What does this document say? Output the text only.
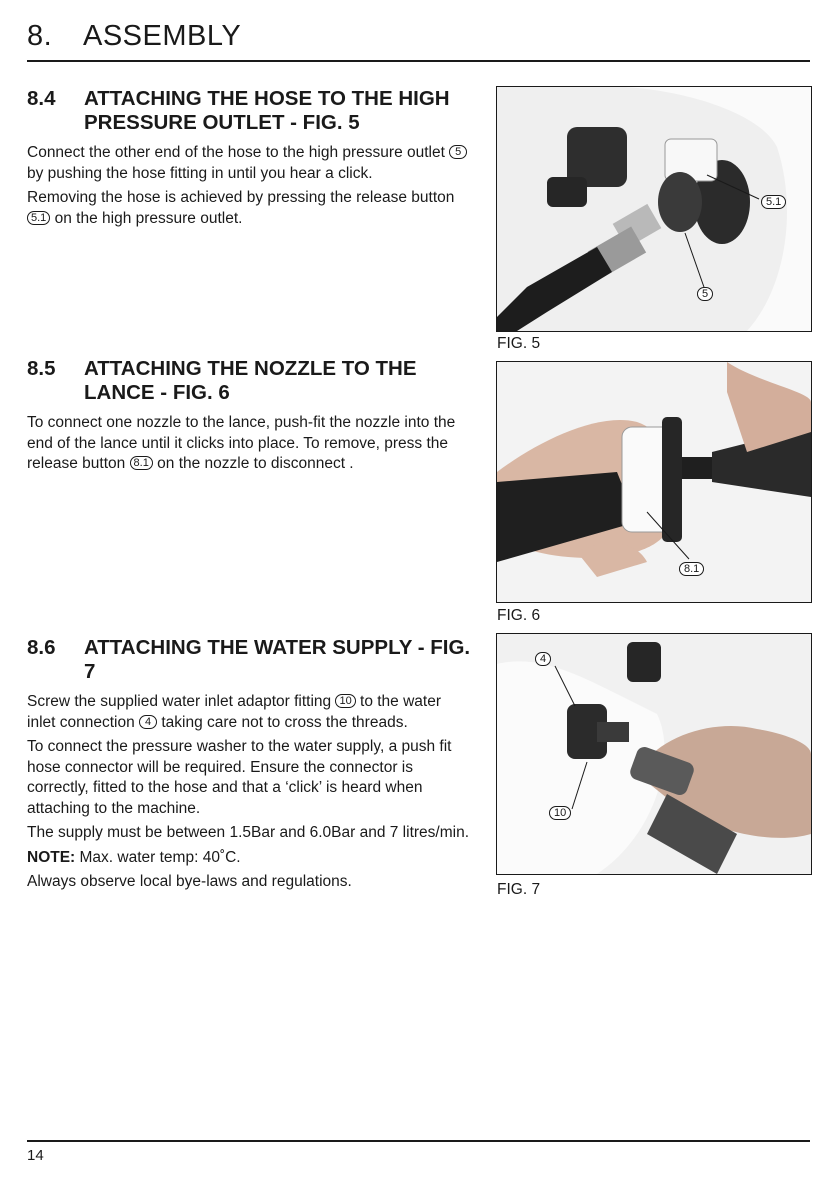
8. ASSEMBLY
8.4	ATTACHING THE HOSE TO THE HIGH PRESSURE OUTLET - FIG. 5

Connect the other end of the hose to the high pressure outlet 5 by pushing the hose fitting in until you hear a click.

Removing the hose is achieved by pressing the release button 5.1 on the high pressure outlet.

8.5	ATTACHING THE NOZZLE TO THE LANCE - FIG. 6

To connect one nozzle to the lance, push-fit the nozzle into the end of the lance until it clicks into place. To remove, press the release button 8.1 on the nozzle to disconnect .

8.6	ATTACHING THE WATER SUPPLY - FIG. 7

Screw the supplied water inlet adaptor fitting 10 to the water inlet connection 4 taking care not to cross the threads.

To connect the pressure washer to the water supply, a push fit hose connector will be required. Ensure the connector is correctly, fitted to the hose and that a ‘click’ is heard when attaching to the machine.

The supply must be between 1.5Bar and 6.0Bar and 7 litres/min.

NOTE: Max. water temp: 40˚C.

Always observe local bye-laws and regulations.

5.1
5
FIG. 5
8.1
FIG. 6
4
10
FIG. 7
14
